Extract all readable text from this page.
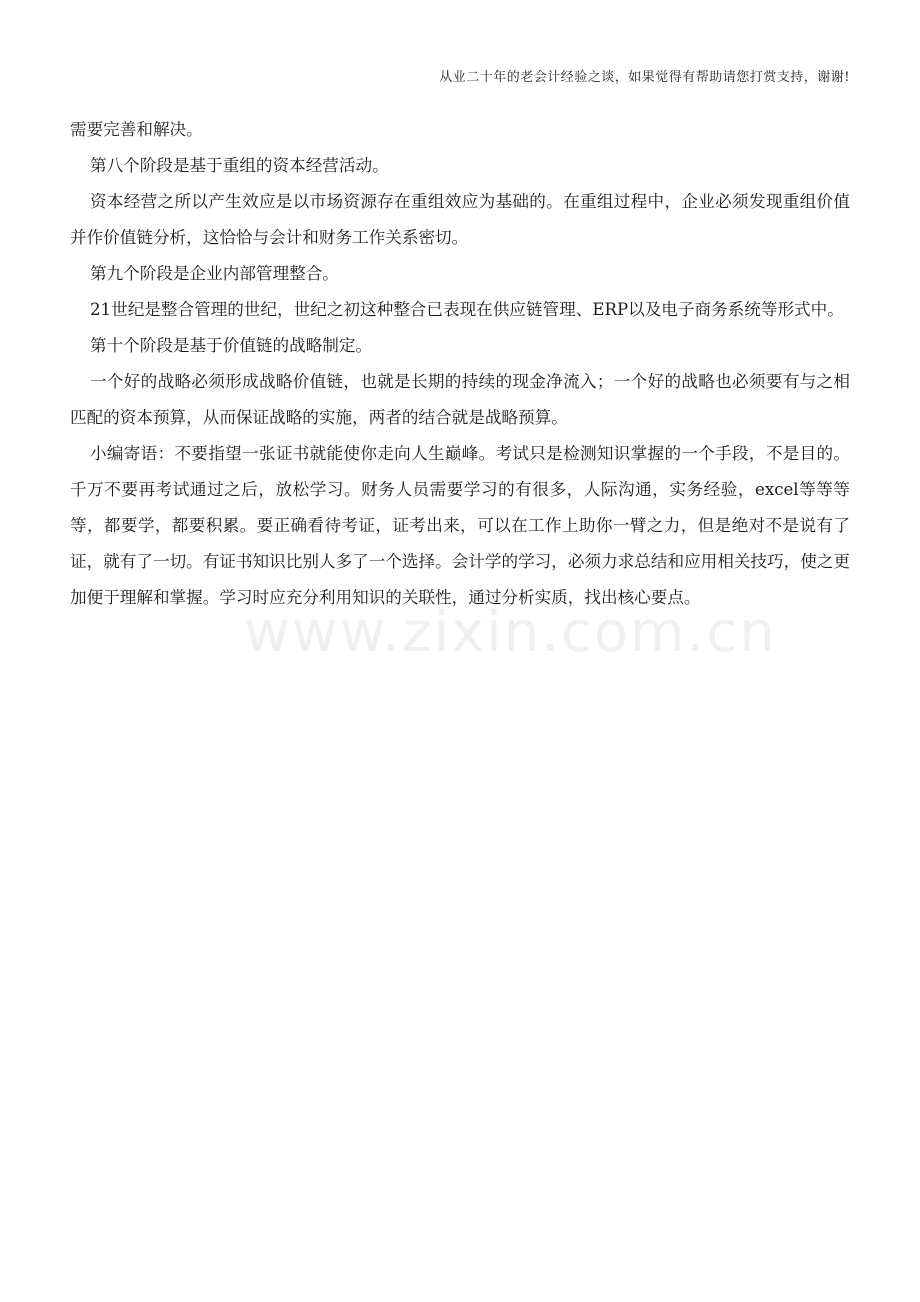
从业二十年的老会计经验之谈，如果觉得有帮助请您打赏支持，谢谢!

需要完善和解决。

第八个阶段是基于重组的资本经营活动。

资本经营之所以产生效应是以市场资源存在重组效应为基础的。在重组过程中，企业必须发现重组价值并作价值链分析，这恰恰与会计和财务工作关系密切。

第九个阶段是企业内部管理整合。

21世纪是整合管理的世纪，世纪之初这种整合已表现在供应链管理、ERP以及电子商务系统等形式中。

第十个阶段是基于价值链的战略制定。

一个好的战略必须形成战略价值链，也就是长期的持续的现金净流入；一个好的战略也必须要有与之相匹配的资本预算，从而保证战略的实施，两者的结合就是战略预算。

小编寄语：不要指望一张证书就能使你走向人生巅峰。考试只是检测知识掌握的一个手段，不是目的。千万不要再考试通过之后，放松学习。财务人员需要学习的有很多，人际沟通，实务经验，excel等等等等，都要学，都要积累。要正确看待考证，证考出来，可以在工作上助你一臂之力，但是绝对不是说有了证，就有了一切。有证书知识比别人多了一个选择。会计学的学习，必须力求总结和应用相关技巧，使之更加便于理解和掌握。学习时应充分利用知识的关联性，通过分析实质，找出核心要点。

www.zixin.com.cn
